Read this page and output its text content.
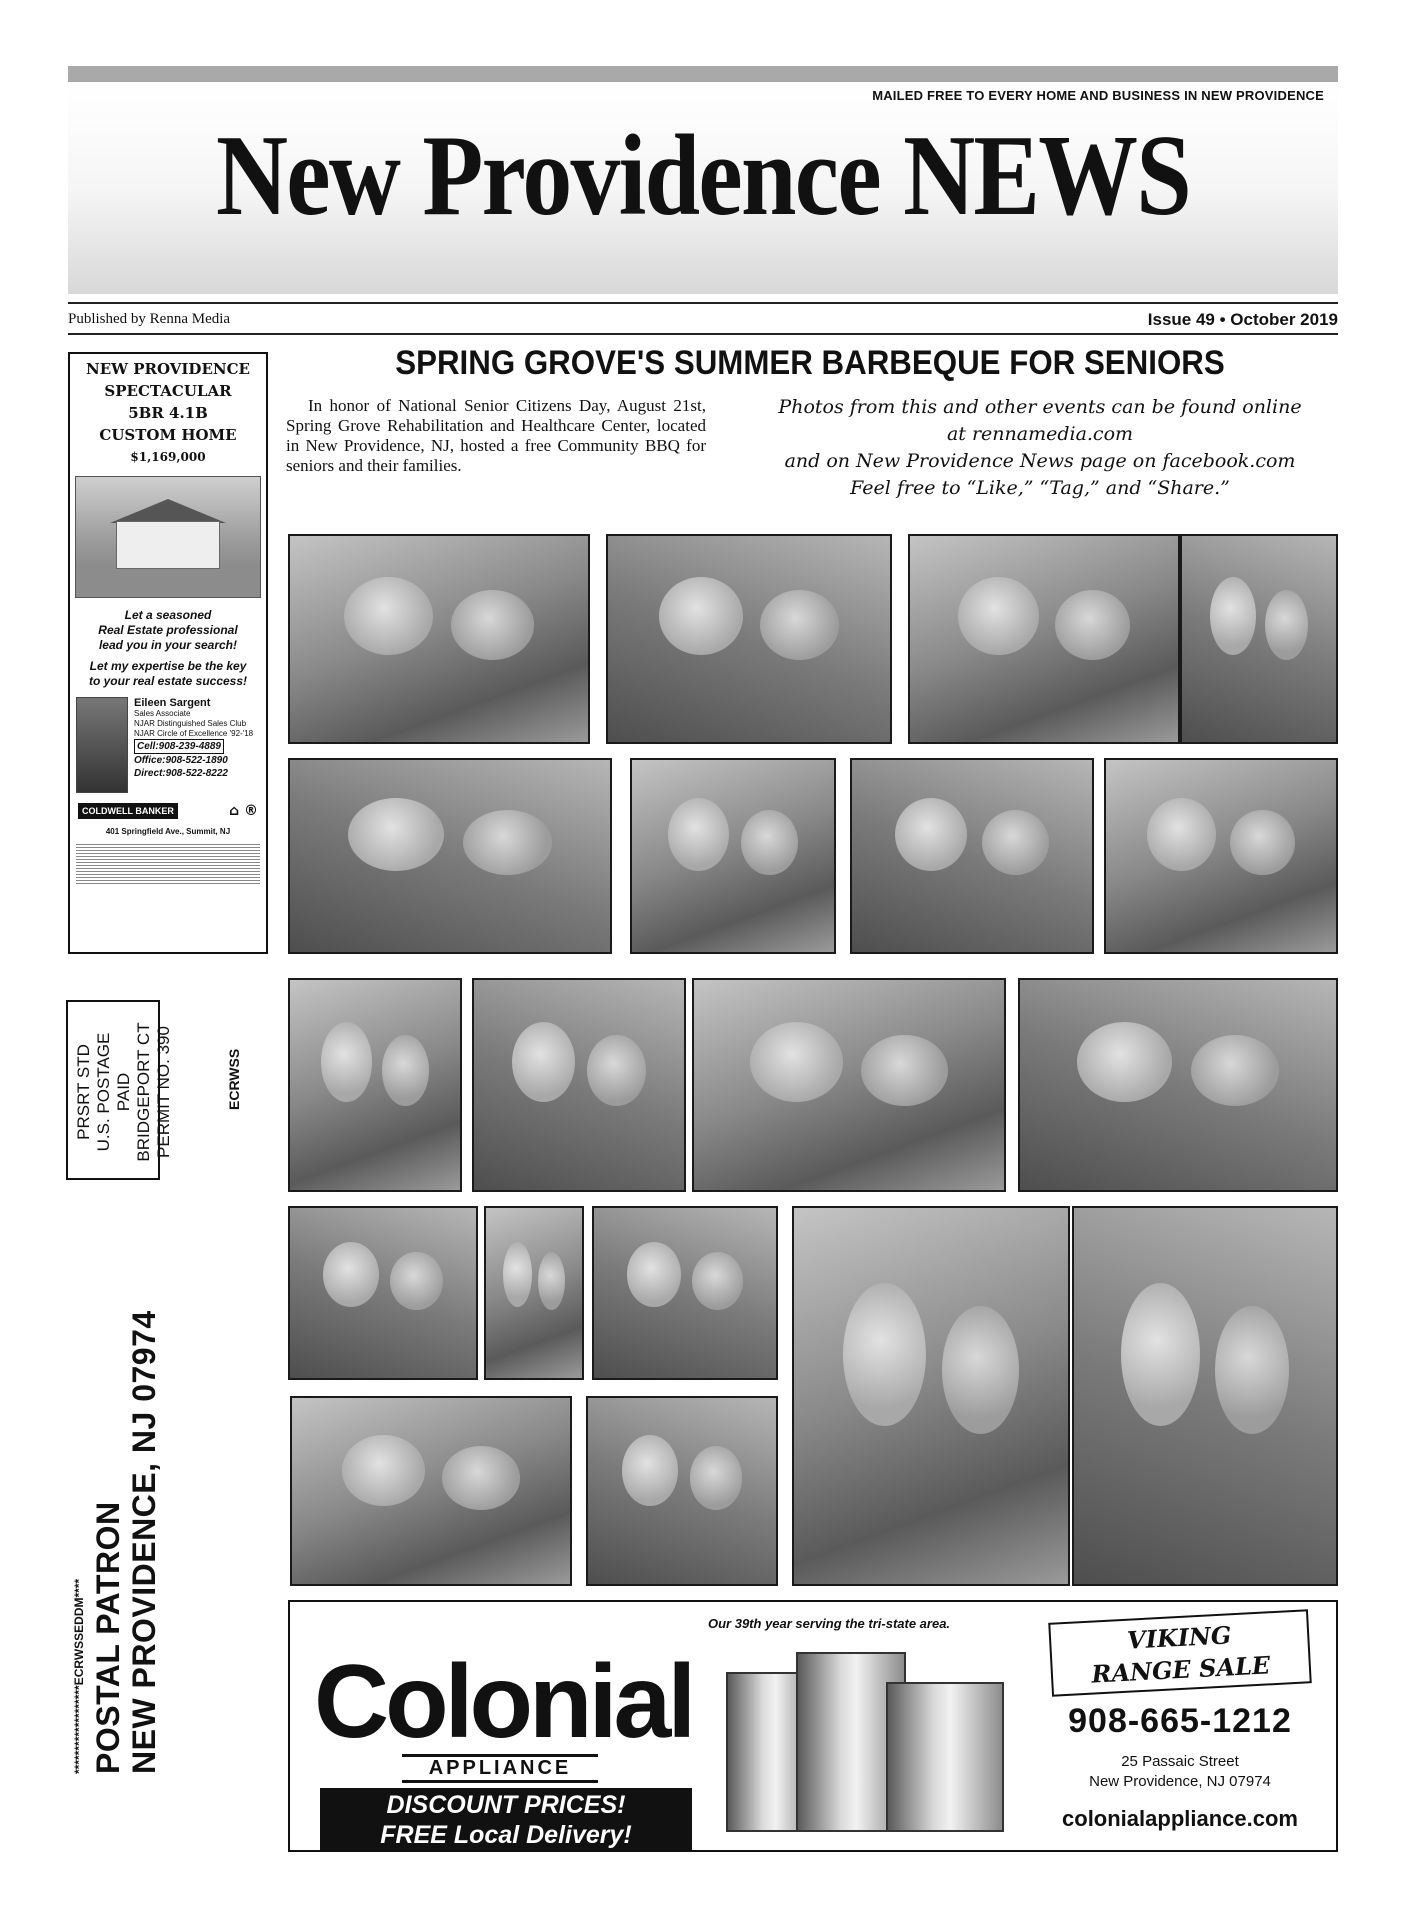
MAILED FREE TO EVERY HOME AND BUSINESS IN NEW PROVIDENCE
New Providence NEWS
Published by Renna Media	Issue 49 • October 2019
NEW PROVIDENCE
SPECTACULAR
5BR 4.1B
CUSTOM HOME
$1,169,000
Let a seasoned
Real Estate professional
lead you in your search!
Let my expertise be the key
to your real estate success!
Eileen Sargent
Sales Associate
NJAR Distinguished Sales Club
NJAR Circle of Excellence '92-'18
Cell:908-239-4889
Office:908-522-1890
Direct:908-522-8222
COLDWELL BANKER	⌂ ®
401 Springfield Ave., Summit, NJ
PRSRT STD U.S. POSTAGE PAID BRIDGEPORT CT PERMIT NO. 390	ECRWSS
*******************ECRWSSEDDM**** POSTAL PATRON NEW PROVIDENCE, NJ 07974
SPRING GROVE'S SUMMER BARBEQUE FOR SENIORS
In honor of National Senior Citizens Day, August 21st, Spring Grove Rehabilitation and Healthcare Center, located in New Providence, NJ, hosted a free Community BBQ for seniors and their families.
Photos from this and other events can be found online
at rennamedia.com
and on New Providence News page on facebook.com
Feel free to “Like,” “Tag,” and “Share.”
Colonial
APPLIANCE
DISCOUNT PRICES!
FREE Local Delivery!
Our 39th year serving the tri-state area.	VIKING
RANGE SALE
908-665-1212
25 Passaic Street
New Providence, NJ 07974
colonialappliance.com
